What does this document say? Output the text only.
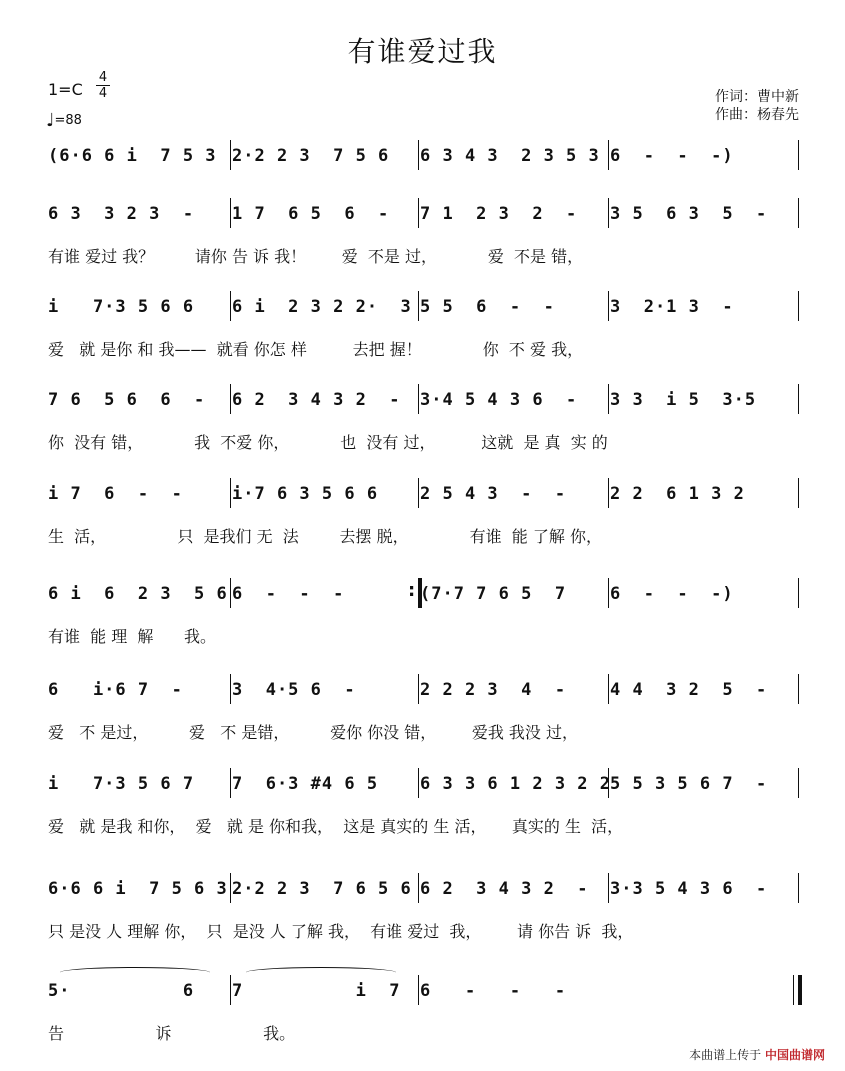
有谁爱过我
1=C
4
4
♩=88
作词：曹中新
作曲：杨春先
(6·6 6 i  7 5 3 2·2 2 3  7 5 6 6 3 4 3  2 3 5 3 6  -  -  -)
6 3  3 2 3  - 1 7  6 5  6  - 7 1  2 3  2  - 3 5  6 3  5  -
有谁 爱过 我？        请你 告 诉 我！       爱  不是 过，          爱  不是 错，
i   7·3 5 6 6 6 i  2 3 2 2·  3 5 5  6  -  -	3  2·1 3  -
爱   就 是你 和 我——  就看 你怎 样         去把 握！            你  不 爱 我，
7 6  5 6  6  - 6 2  3 4 3 2  - 3·4 5 4 3 6  - 3 3  i 5  3·5
你  没有 错，          我  不爱 你，          也  没有 过，         这就  是 真  实 的
i 7  6  -  -	i·7 6 3 5 6 6 2 5 4 3  -  -	2 2  6 1 3 2
生  活，              只  是我们 无  法        去摆 脱，            有谁  能 了解 你，
6 i  6  2 3  5 6 6  -  -  -	(7·7 7 6 5  7	6  -  -  -)
:
有谁  能 理  解      我。
6   i·6 7  -	3  4·5 6  -	2 2 2 3  4  -	4 4  3 2  5  -
爱   不 是过，        爱   不 是错，        爱你 你没 错，       爱我 我没 过，
i   7·3 5 6 7 7  6·3 #4 6 5 6 3 3 6 1 2 3 2 2 5 5 3 5 6 7  -
爱   就 是我 和你，  爱   就 是 你和我，  这是 真实的 生 活，     真实的 生  活，
6·6 6 i  7 5 6 3 2·2 2 3  7 6 5 6 6 2  3 4 3 2  - 3·3 5 4 3 6  -
只 是没 人 理解 你，  只  是没 人 了解 我，  有谁 爱过  我，       请 你告 诉  我，
5·          6 7          i  7 6   -   -   -
告                  诉                  我。
本曲谱上传于 中国曲谱网
